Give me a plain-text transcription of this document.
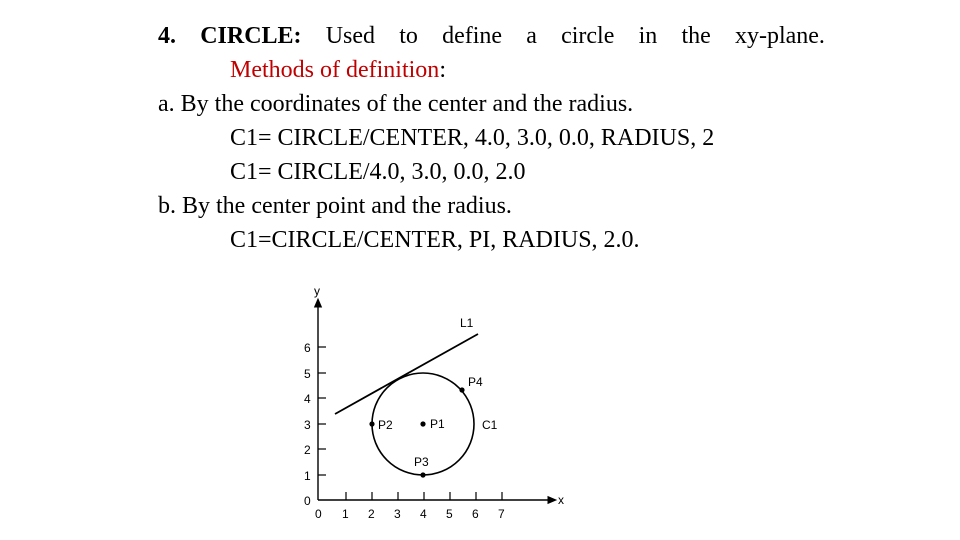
4. CIRCLE: Used to define a circle in the xy-plane.
Methods of definition:
a. By the coordinates of the center and the radius.
C1= CIRCLE/CENTER, 4.0, 3.0, 0.0, RADIUS, 2
C1= CIRCLE/4.0, 3.0, 0.0, 2.0
b. By the center point and the radius.
C1=CIRCLE/CENTER, PI, RADIUS, 2.0.
y
x
6
5
4
3
2
1
0
0 1 2 3 4 5 6 7
C1
L1
P1
P2
P3
P4
